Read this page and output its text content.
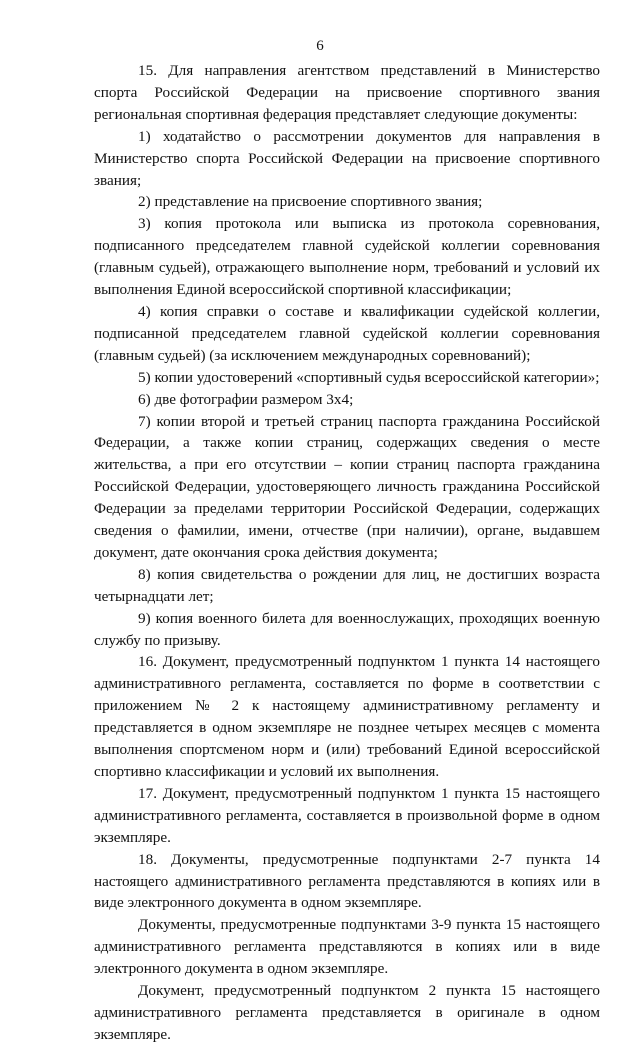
6

15. Для направления агентством представлений в Министерство спорта Российской Федерации на присвоение спортивного звания региональная спортивная федерация представляет следующие документы:

1) ходатайство о рассмотрении документов для направления в Министерство спорта Российской Федерации на присвоение спортивного звания;

2) представление на присвоение спортивного звания;

3) копия протокола или выписка из протокола соревнования, подписанного председателем главной судейской коллегии соревнования (главным судьей), отражающего выполнение норм, требований и условий их выполнения Единой всероссийской спортивной классификации;

4) копия справки о составе и квалификации судейской коллегии, подписанной председателем главной судейской коллегии соревнования (главным судьей) (за исключением международных соревнований);

5) копии удостоверений «спортивный судья всероссийской категории»;

6) две фотографии размером 3x4;

7) копии второй и третьей страниц паспорта гражданина Российской Федерации, а также копии страниц, содержащих сведения о месте жительства, а при его отсутствии – копии страниц паспорта гражданина Российской Федерации, удостоверяющего личность гражданина Российской Федерации за пределами территории Российской Федерации, содержащих сведения о фамилии, имени, отчестве (при наличии), органе, выдавшем документ, дате окончания срока действия документа;

8) копия свидетельства о рождении для лиц, не достигших возраста четырнадцати лет;

9) копия военного билета для военнослужащих, проходящих военную службу по призыву.

16. Документ, предусмотренный подпунктом 1 пункта 14 настоящего административного регламента, составляется по форме в соответствии с приложением № 2 к настоящему административному регламенту и представляется в одном экземпляре не позднее четырех месяцев с момента выполнения спортсменом норм и (или) требований Единой всероссийской спортивно классификации и условий их выполнения.

17. Документ, предусмотренный подпунктом 1 пункта 15 настоящего административного регламента, составляется в произвольной форме в одном экземпляре.

18. Документы, предусмотренные подпунктами 2-7 пункта 14 настоящего административного регламента представляются в копиях или в виде электронного документа в одном экземпляре.

Документы, предусмотренные подпунктами 3-9 пункта 15 настоящего административного регламента представляются в копиях или в виде электронного документа в одном экземпляре.

Документ, предусмотренный подпунктом 2 пункта 15 настоящего административного регламента представляется в оригинале в одном экземпляре.
